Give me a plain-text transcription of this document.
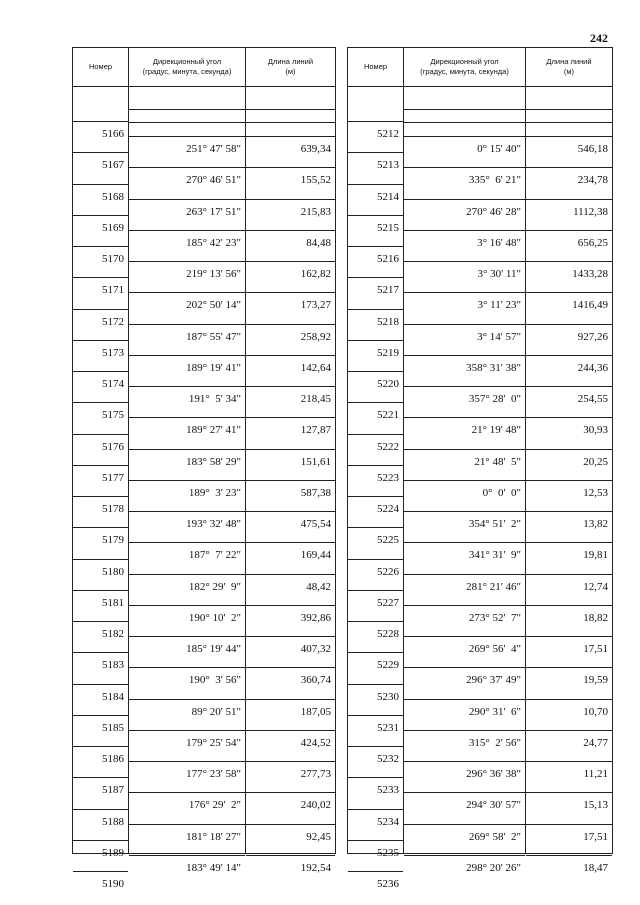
242
Номер
Дирекционный угол
(градус, минута, секунда)
Длина линий
(м)
5166
5167
5168
5169
5170
5171
5172
5173
5174
5175
5176
5177
5178
5179
5180
5181
5182
5183
5184
5185
5186
5187
5188
5189
5190
251° 47' 58"
270° 46' 51"
263° 17' 51"
185° 42' 23"
219° 13' 56"
202° 50' 14"
187° 55' 47"
189° 19' 41"
191°  5' 34"
189° 27' 41"
183° 58' 29"
189°  3' 23"
193° 32' 48"
187°  7' 22"
182° 29'  9"
190° 10'  2"
185° 19' 44"
190°  3' 56"
89° 20' 51"
179° 25' 54"
177° 23' 58"
176° 29'  2"
181° 18' 27"
183° 49' 14"
639,34
155,52
215,83
84,48
162,82
173,27
258,92
142,64
218,45
127,87
151,61
587,38
475,54
169,44
48,42
392,86
407,32
360,74
187,05
424,52
277,73
240,02
92,45
192,54
Номер
Дирекционный угол
(градус, минута, секунда)
Длина линий
(м)
5212
5213
5214
5215
5216
5217
5218
5219
5220
5221
5222
5223
5224
5225
5226
5227
5228
5229
5230
5231
5232
5233
5234
5235
5236
0° 15' 40"
335°  6' 21"
270° 46' 28"
3° 16' 48"
3° 30' 11"
3° 11' 23"
3° 14' 57"
358° 31' 38"
357° 28'  0"
21° 19' 48"
21° 48'  5"
0°  0'  0"
354° 51'  2"
341° 31'  9"
281° 21' 46"
273° 52'  7"
269° 56'  4"
296° 37' 49"
290° 31'  6"
315°  2' 56"
296° 36' 38"
294° 30' 57"
269° 58'  2"
298° 20' 26"
546,18
234,78
1112,38
656,25
1433,28
1416,49
927,26
244,36
254,55
30,93
20,25
12,53
13,82
19,81
12,74
18,82
17,51
19,59
10,70
24,77
11,21
15,13
17,51
18,47
